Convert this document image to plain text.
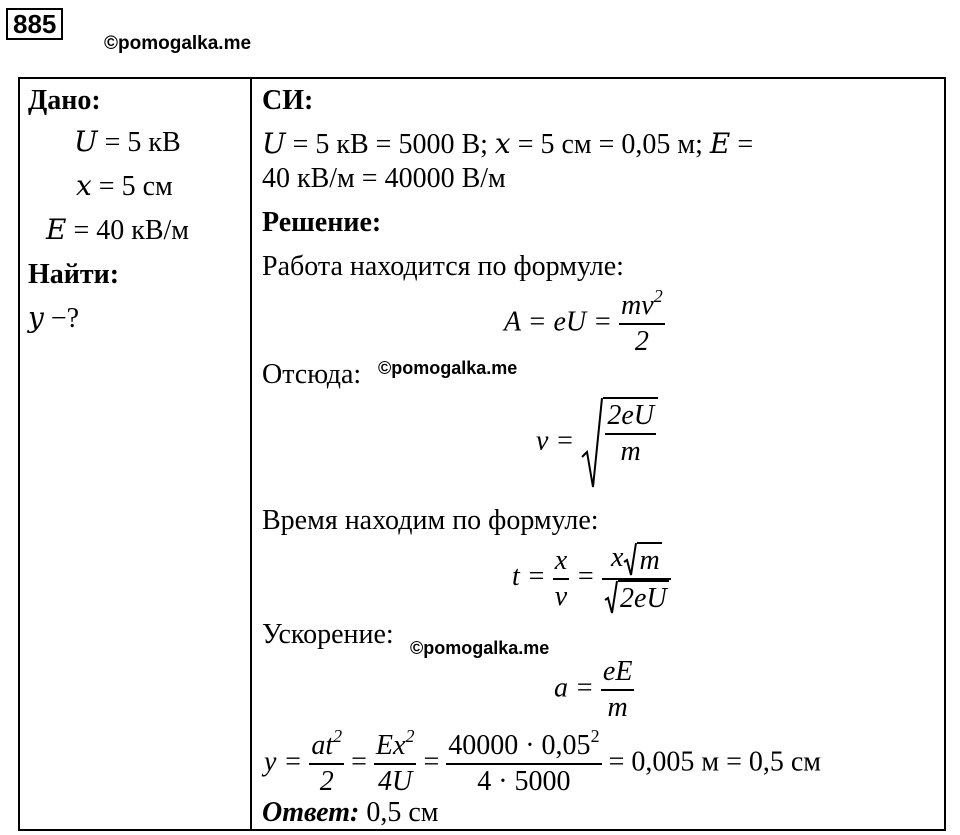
885
©pomogalka.me
Дано:
𝑈 = 5 кВ
𝑥 = 5 см
𝐸 = 40 кВ/м
Найти:
𝑦 −?
СИ:
𝑈 = 5 кВ = 5000 В; 𝑥 = 5 см = 0,05 м; 𝐸 =
40 кВ/м = 40000 В/м
Решение:
Работа находится по формуле:
A = eU = $\frac{mv^2}{2}$
Отсюда: ©pomogalka.me
$v = \frac{2eU}{m}$
Время находим по формуле:
$t = \frac{x}{v} = \frac{\text{x m}}{2eU}$
Ускорение: ©pomogalka.me
$a = \frac{eE}{m}$
$y = \frac{at^2}{2} = \frac{Ex^2}{4U} = \frac{40000 \cdot 0,05^2}{4 \cdot 5000} = 0,005$ м = 0,5 см
Ответ: 0,5 см
